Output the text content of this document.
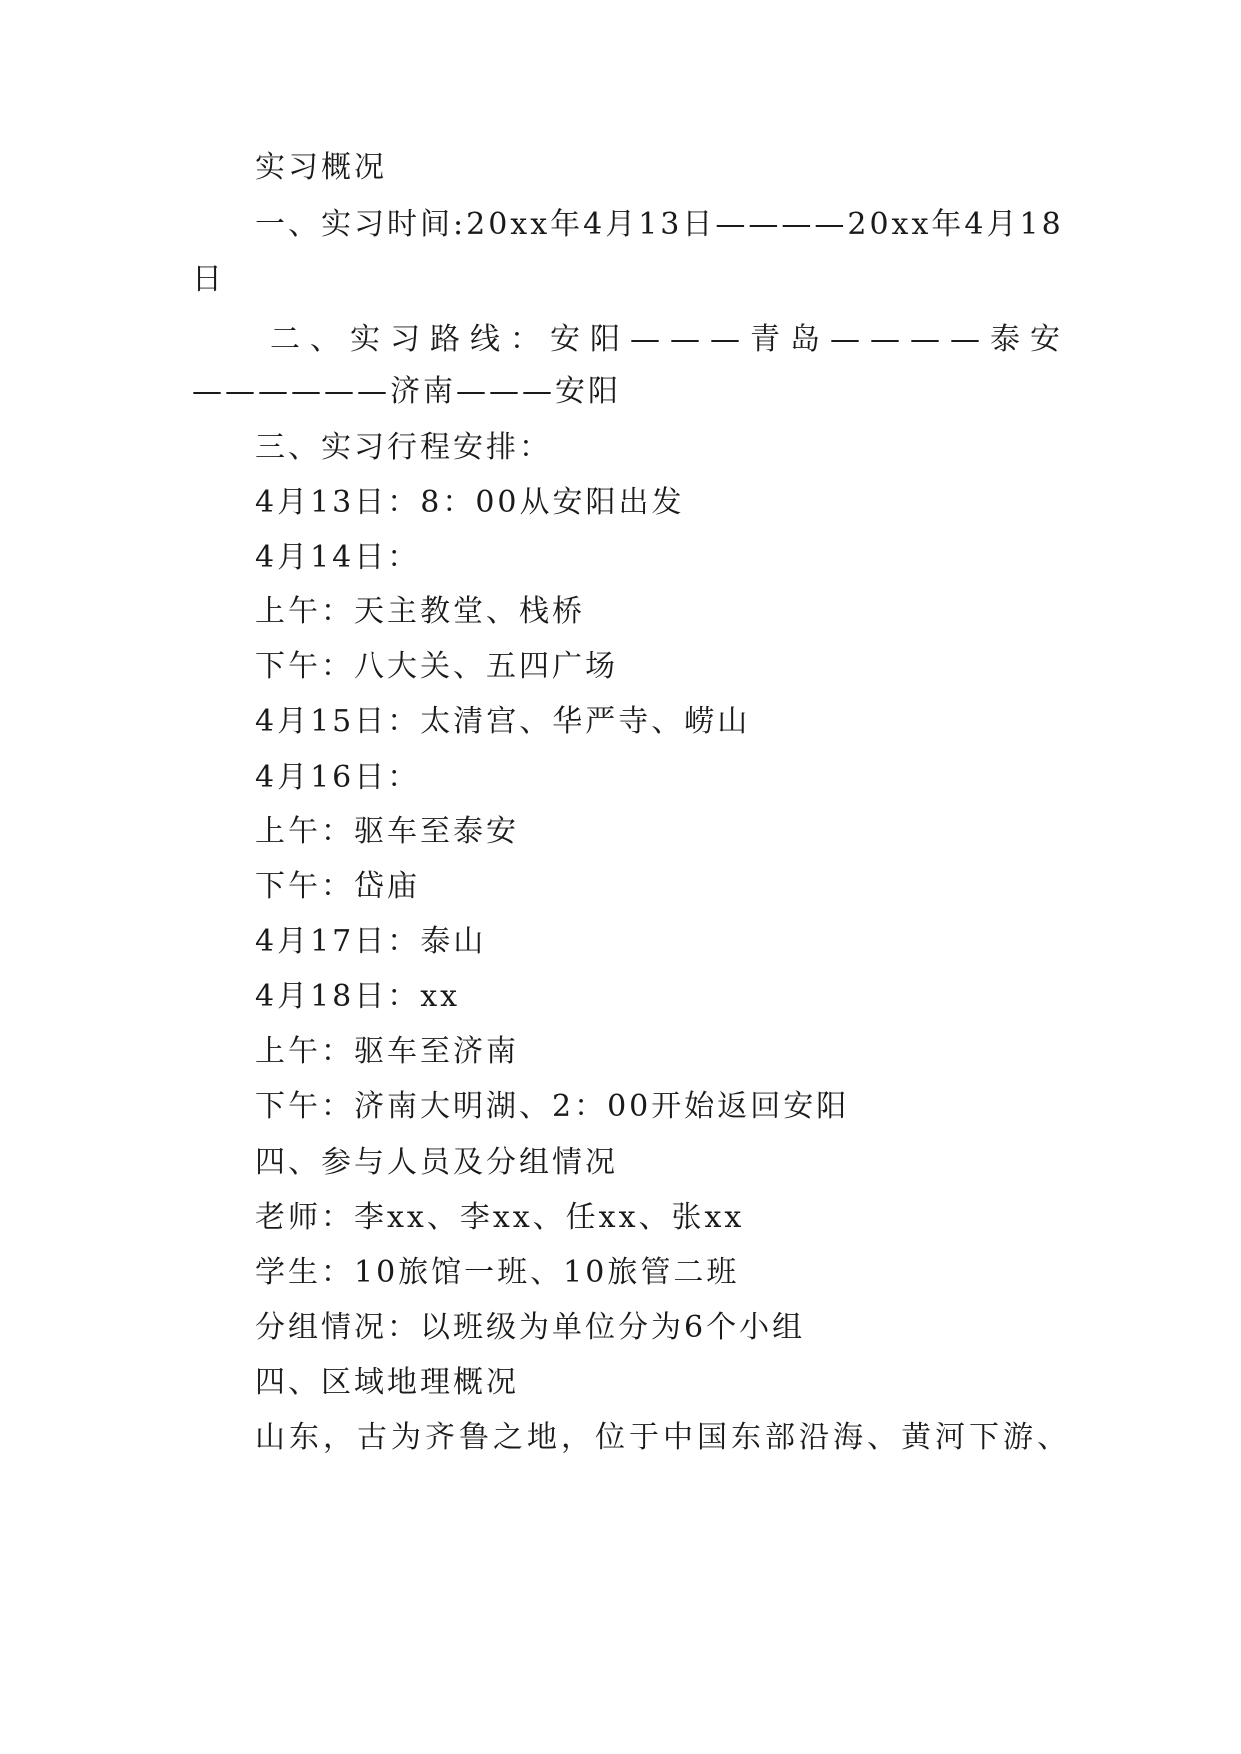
实习概况
一、实习时间:20xx年4月13日————20xx年4月18
日
二、实习路线：安阳———青岛————泰安
——————济南———安阳
三、实习行程安排：
4月13日：8：00从安阳出发
4月14日：
上午：天主教堂、栈桥
下午：八大关、五四广场
4月15日：太清宫、华严寺、崂山
4月16日：
上午：驱车至泰安
下午：岱庙
4月17日：泰山
4月18日：xx
上午：驱车至济南
下午：济南大明湖、2：00开始返回安阳
四、参与人员及分组情况
老师：李xx、李xx、任xx、张xx
学生：10旅馆一班、10旅管二班
分组情况：以班级为单位分为6个小组
四、区域地理概况
山东，古为齐鲁之地，位于中国东部沿海、黄河下游、
